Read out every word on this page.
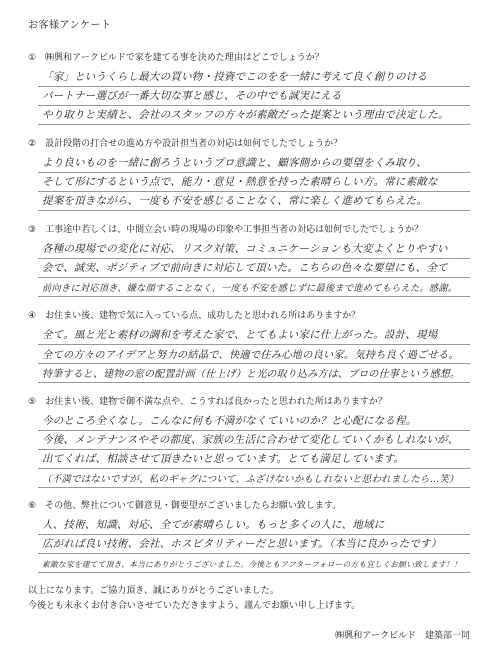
お客様アンケート
①　㈱興和アークビルドで家を建てる事を決めた理由はどこでしょうか？
「家」というくらし最大の買い物・投資でこのをを一緒に考えて良く創りのける
パートナー選びが一番大切な事と感じ、その中でも誠実にえる
やり取りと実績と、会社のスタッフの方々が素敵だった提案という理由で決定した。
②　設計段階の打合せの進め方や設計担当者の対応は如何でしたでしょうか？
より良いものを一緒に創ろうというプロ意識と、顧客側からの要望をくみ取り、
そして形にするという点で、能力・意見・熱意を持った素晴らしい方。常に素敵な
提案を頂きながら、一度も不安を感じることなく、常に楽しく進めてもらえた。
③　工事途中若しくは、中間立会い時の現場の印象や工事担当者の対応は如何でしたでしょうか？
各種の現場での変化に対応、リスク対策、コミュニケーションも大変よくとりやすい
会で、誠実、ポジティブで前向きに対応して頂いた。こちらの色々な要望にも、全て
前向きに対応頂き、嫌な顔することなく、一度も不安を感じずに最後まで進めてもらえた。感謝。
④　お住まい後、建物で気に入っている点、成功したと思われる所はありますか？
全て。風と光と素材の調和を考えた家で、とてもよい家に仕上がった。設計、現場
全ての方々のアイデアと努力の結晶で、快適で住み心地の良い家。気持ち良く過ごせる。
特筆すると、建物の窓の配置計画（仕上げ）と光の取り込み方は、プロの仕事という感想。
⑤　お住まい後、建物で御不満な点や、こうすれば良かったと思われた所はありますか？
今のところ全くなし。こんなに何も不満がなくていいのか？と心配になる程。
今後、メンテナンスやその都度、家族の生活に合わせて変化していくかもしれないが、
出てくれば、相談させて頂きたいと思っています。とても満足しています。
（不満ではないですが、私のギャグについて、ふざけないかもしれないと思われましたら…笑）
⑥　その他、弊社について御意見・御要望がございましたらお願い致します。
人、技術、知識、対応、全てが素晴らしい。もっと多くの人に、地域に
広がれば良い技術、会社、ホスピタリティーだと思います。（本当に良かったです）
素敵な家を建てて頂き、本当にありがとうございました。今後ともアフターフォローの方も宜しくお願い致します！！
以上になります。ご協力頂き、誠にありがとうございました。
今後とも末永くお付き合いさせていただきますよう、謹んでお願い申し上げます。
㈱興和アークビルド　建築部一同
